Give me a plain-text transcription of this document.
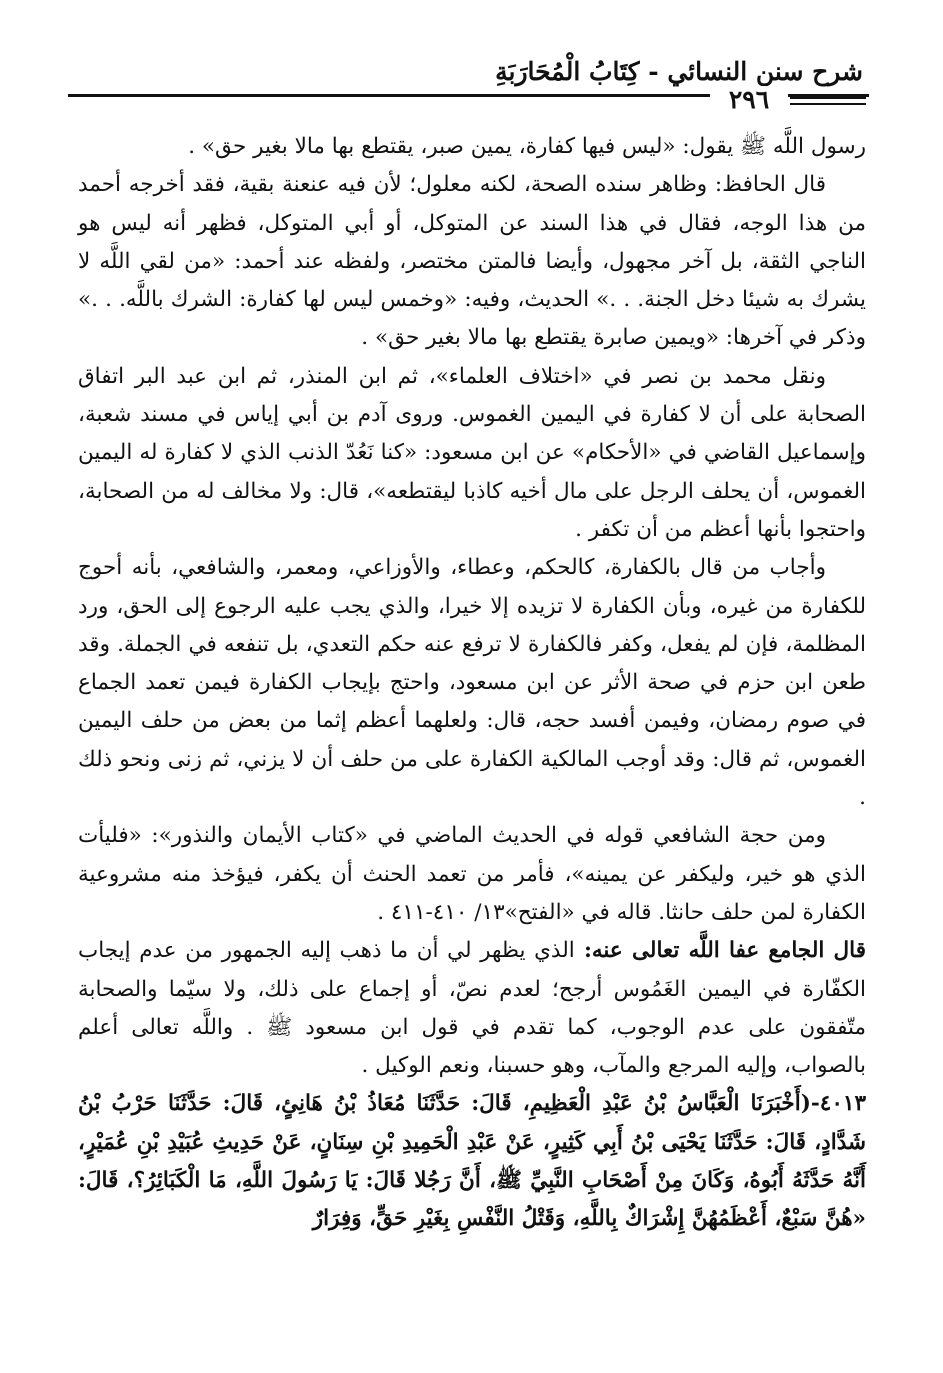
شرح سنن النسائي - كِتَابُ الْمُحَارَبَةِ
٢٩٦

رسول اللَّه ﷺ يقول: «ليس فيها كفارة، يمين صبر، يقتطع بها مالا بغير حق» .

قال الحافظ: وظاهر سنده الصحة، لكنه معلول؛ لأن فيه عنعنة بقية، فقد أخرجه أحمد من هذا الوجه، فقال في هذا السند عن المتوكل، أو أبي المتوكل، فظهر أنه ليس هو الناجي الثقة، بل آخر مجهول، وأيضا فالمتن مختصر، ولفظه عند أحمد: «من لقي اللَّه لا يشرك به شيئا دخل الجنة. . .» الحديث، وفيه: «وخمس ليس لها كفارة: الشرك باللَّه. . .» وذكر في آخرها: «ويمين صابرة يقتطع بها مالا بغير حق» .

ونقل محمد بن نصر في «اختلاف العلماء»، ثم ابن المنذر، ثم ابن عبد البر اتفاق الصحابة على أن لا كفارة في اليمين الغموس. وروى آدم بن أبي إياس في مسند شعبة، وإسماعيل القاضي في «الأحكام» عن ابن مسعود: «كنا نَعُدّ الذنب الذي لا كفارة له اليمين الغموس، أن يحلف الرجل على مال أخيه كاذبا ليقتطعه»، قال: ولا مخالف له من الصحابة، واحتجوا بأنها أعظم من أن تكفر .

وأجاب من قال بالكفارة، كالحكم، وعطاء، والأوزاعي، ومعمر، والشافعي، بأنه أحوج للكفارة من غيره، وبأن الكفارة لا تزيده إلا خيرا، والذي يجب عليه الرجوع إلى الحق، ورد المظلمة، فإن لم يفعل، وكفر فالكفارة لا ترفع عنه حكم التعدي، بل تنفعه في الجملة. وقد طعن ابن حزم في صحة الأثر عن ابن مسعود، واحتج بإيجاب الكفارة فيمن تعمد الجماع في صوم رمضان، وفيمن أفسد حجه، قال: ولعلهما أعظم إثما من بعض من حلف اليمين الغموس، ثم قال: وقد أوجب المالكية الكفارة على من حلف أن لا يزني، ثم زنى ونحو ذلك .

ومن حجة الشافعي قوله في الحديث الماضي في «كتاب الأيمان والنذور»: «فليأت الذي هو خير، وليكفر عن يمينه»، فأمر من تعمد الحنث أن يكفر، فيؤخذ منه مشروعية الكفارة لمن حلف حانثا. قاله في «الفتح»١٣/ ٤١٠-٤١١ .

قال الجامع عفا اللَّه تعالى عنه: الذي يظهر لي أن ما ذهب إليه الجمهور من عدم إيجاب الكفّارة في اليمين الغَمُوس أرجح؛ لعدم نصّ، أو إجماع على ذلك، ولا سيّما والصحابة متّفقون على عدم الوجوب، كما تقدم في قول ابن مسعود ﷺ . واللَّه تعالى أعلم بالصواب، وإليه المرجع والمآب، وهو حسبنا، ونعم الوكيل .

٤٠١٣-(أَخْبَرَنَا الْعَبَّاسُ بْنُ عَبْدِ الْعَظِيمِ، قَالَ: حَدَّثَنَا مُعَاذُ بْنُ هَانِئٍ، قَالَ: حَدَّثَنَا حَرْبُ بْنُ شَدَّادٍ، قَالَ: حَدَّثَنَا يَحْيَى بْنُ أَبِي كَثِيرٍ، عَنْ عَبْدِ الْحَمِيدِ بْنِ سِنَانٍ، عَنْ حَدِيثِ عُبَيْدِ بْنِ عُمَيْرٍ، أَنَّهُ حَدَّثَهُ أَبُوهُ، وَكَانَ مِنْ أَصْحَابِ النَّبِيِّ ﷺ، أَنَّ رَجُلا قَالَ: يَا رَسُولَ اللَّهِ، مَا الْكَبَائِرُ؟، قَالَ: «هُنَّ سَبْعٌ، أَعْظَمُهُنَّ إِشْرَاكٌ بِاللَّهِ، وَقَتْلُ النَّفْسِ بِغَيْرِ حَقٍّ، وَفِرَارٌ
